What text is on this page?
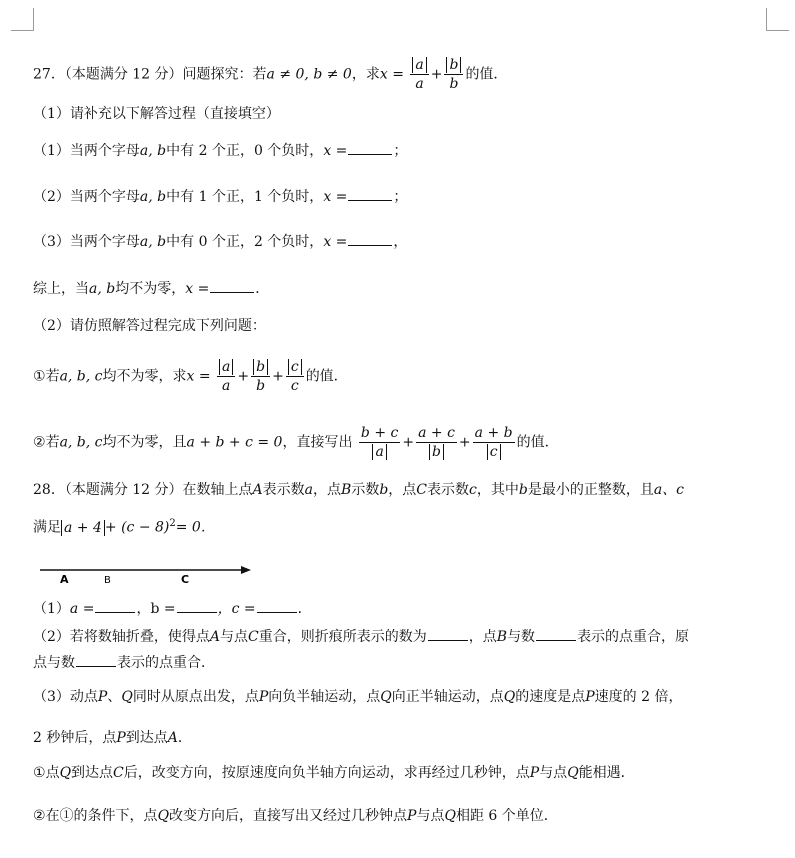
27．（本题满分 12 分）问题探究：若a ≠ 0, b ≠ 0，求$x = \frac{a}{a} + \frac{b}{b}$ 的值．
（1）请补充以下解答过程（直接填空）
（1）当两个字母a, b中有 2 个正，0 个负时，x =	；
（2）当两个字母a, b中有 1 个正，1 个负时，x =	；
（3）当两个字母a, b中有 0 个正，2 个负时，x =	，
综上，当a, b均不为零，x =	．
（2）请仿照解答过程完成下列问题：
①若a, b, c均不为零，求$x = \frac{a}{a} + \frac{b}{b} + \frac{c}{c}$ 的值．
②若a, b, c均不为零，且a + b + c = 0，直接写出 $\frac{b + c}{a} + \frac{a + c}{b} + \frac{a + b}{c}$ 的值．
28．（本题满分 12 分）在数轴上点A表示数a，点B示数b，点C表示数c，其中b是最小的正整数，且a、c
满足 $a + 4 + (c - 8)^2= 0$．
A	B	C
（1）a =	，b =	，c =	．
（2）若将数轴折叠，使得点A与点C重合，则折痕所表示的数为	，点B与数	表示的点重合，原
点与数	表示的点重合．
（3）动点P、Q同时从原点出发，点P向负半轴运动，点Q向正半轴运动，点Q的速度是点P速度的 2 倍，
2 秒钟后，点P到达点A．
①点Q到达点C后，改变方向，按原速度向负半轴方向运动，求再经过几秒钟，点P与点Q能相遇．
②在①的条件下，点Q改变方向后，直接写出又经过几秒钟点P与点Q相距 6 个单位．
